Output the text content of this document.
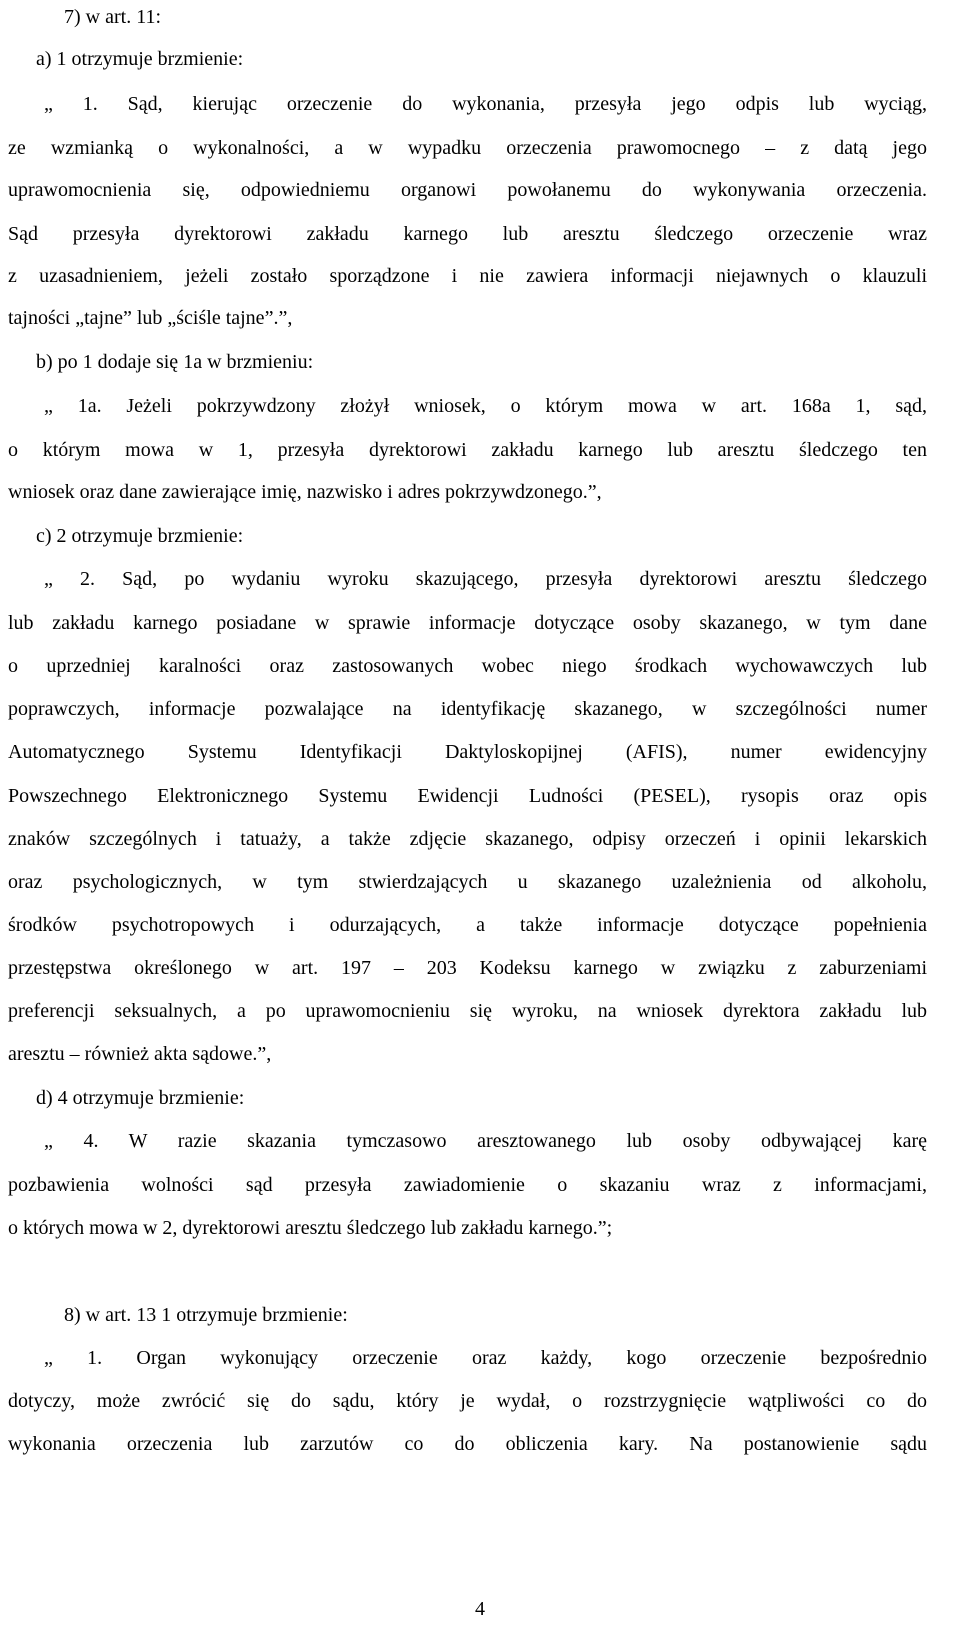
7) w art. 11:
a) 1 otrzymuje brzmienie:
„ 1. Sąd, kierując orzeczenie do wykonania, przesyła jego odpis lub wyciąg,
ze wzmianką o wykonalności, a w wypadku orzeczenia prawomocnego – z datą jego
uprawomocnienia się, odpowiedniemu organowi powołanemu do wykonywania orzeczenia.
Sąd przesyła dyrektorowi zakładu karnego lub aresztu śledczego orzeczenie wraz
z uzasadnieniem, jeżeli zostało sporządzone i nie zawiera informacji niejawnych o klauzuli
tajności „tajne” lub „ściśle tajne”.”,
b) po 1 dodaje się 1a w brzmieniu:
„ 1a. Jeżeli pokrzywdzony złożył wniosek, o którym mowa w art. 168a 1, sąd,
o którym mowa w 1, przesyła dyrektorowi zakładu karnego lub aresztu śledczego ten
wniosek oraz dane zawierające imię, nazwisko i adres pokrzywdzonego.”,
c) 2 otrzymuje brzmienie:
„ 2. Sąd, po wydaniu wyroku skazującego, przesyła dyrektorowi aresztu śledczego
lub zakładu karnego posiadane w sprawie informacje dotyczące osoby skazanego, w tym dane
o uprzedniej karalności oraz zastosowanych wobec niego środkach wychowawczych lub
poprawczych, informacje pozwalające na identyfikację skazanego, w szczególności numer
Automatycznego Systemu Identyfikacji Daktyloskopijnej (AFIS), numer ewidencyjny
Powszechnego Elektronicznego Systemu Ewidencji Ludności (PESEL), rysopis oraz opis
znaków szczególnych i tatuaży, a także zdjęcie skazanego, odpisy orzeczeń i opinii lekarskich
oraz psychologicznych, w tym stwierdzających u skazanego uzależnienia od alkoholu,
środków psychotropowych i odurzających, a także informacje dotyczące popełnienia
przestępstwa określonego w art. 197 – 203 Kodeksu karnego w związku z zaburzeniami
preferencji seksualnych, a po uprawomocnieniu się wyroku, na wniosek dyrektora zakładu lub
aresztu – również akta sądowe.”,
d) 4 otrzymuje brzmienie:
„ 4. W razie skazania tymczasowo aresztowanego lub osoby odbywającej karę
pozbawienia wolności sąd przesyła zawiadomienie o skazaniu wraz z informacjami,
o których mowa w 2, dyrektorowi aresztu śledczego lub zakładu karnego.”;
8) w art. 13 1 otrzymuje brzmienie:
„ 1. Organ wykonujący orzeczenie oraz każdy, kogo orzeczenie bezpośrednio
dotyczy, może zwrócić się do sądu, który je wydał, o rozstrzygnięcie wątpliwości co do
wykonania orzeczenia lub zarzutów co do obliczenia kary. Na postanowienie sądu
4
